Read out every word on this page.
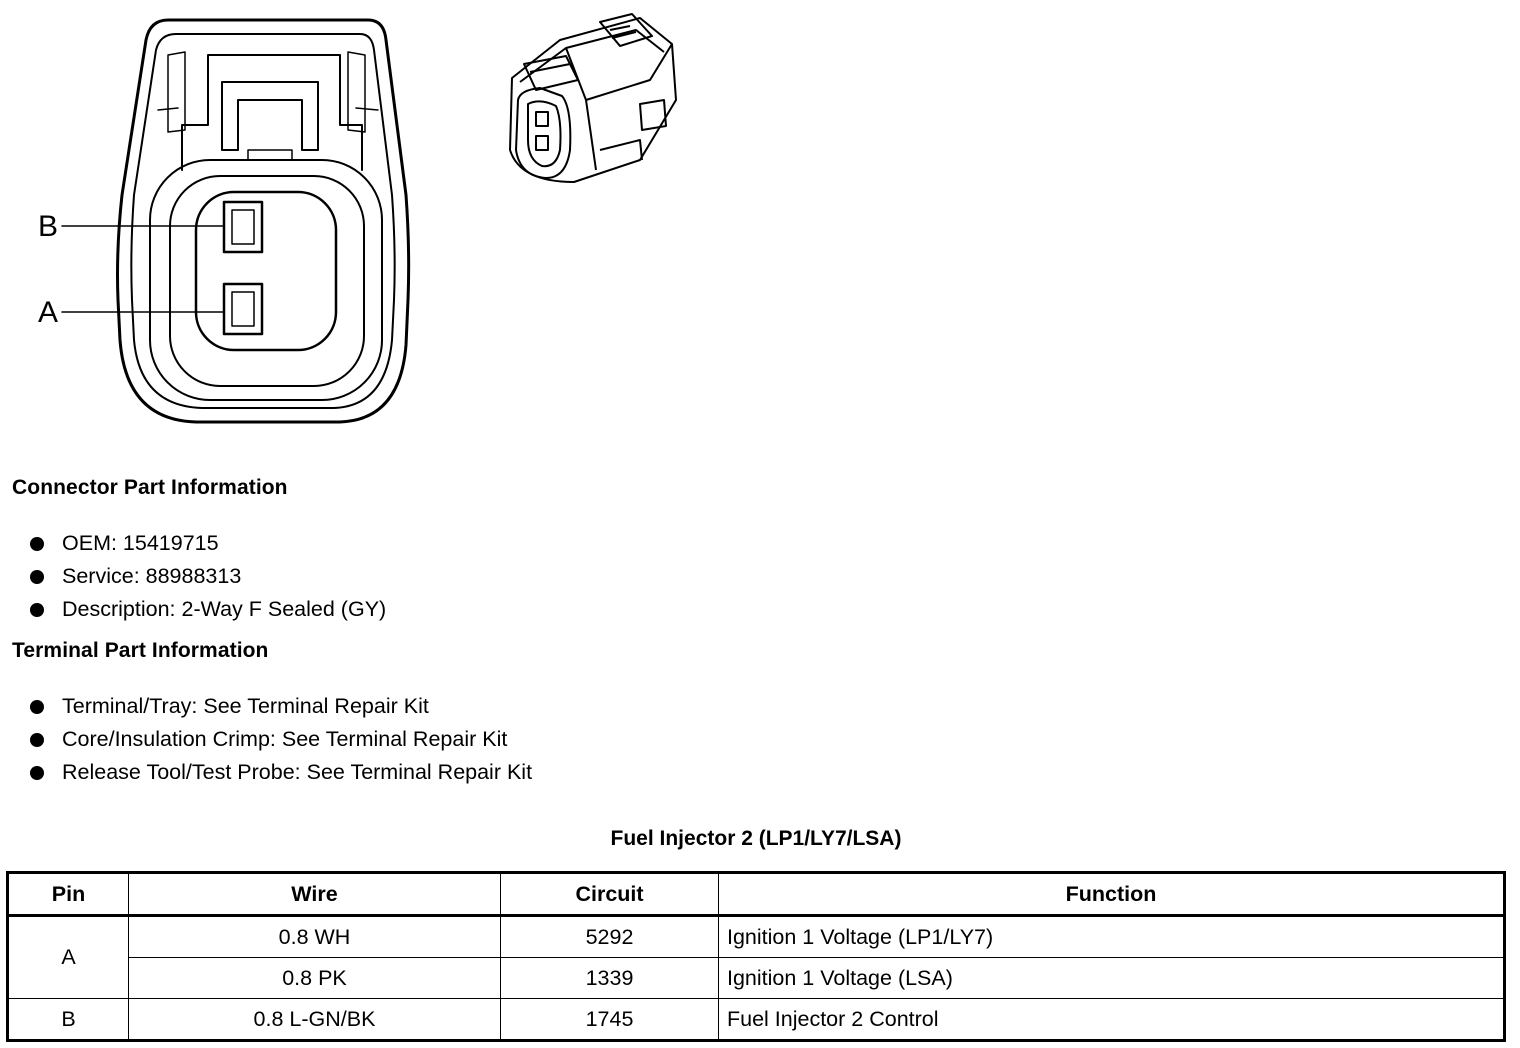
B
A
Connector Part Information
OEM: 15419715
Service: 88988313
Description: 2-Way F Sealed (GY)
Terminal Part Information
Terminal/Tray: See Terminal Repair Kit
Core/Insulation Crimp: See Terminal Repair Kit
Release Tool/Test Probe: See Terminal Repair Kit
Fuel Injector 2 (LP1/LY7/LSA)
Pin	Wire	Circuit	Function
A	0.8 WH	5292	Ignition 1 Voltage (LP1/LY7)
	0.8 PK	1339	Ignition 1 Voltage (LSA)
B	0.8 L-GN/BK	1745	Fuel Injector 2 Control
